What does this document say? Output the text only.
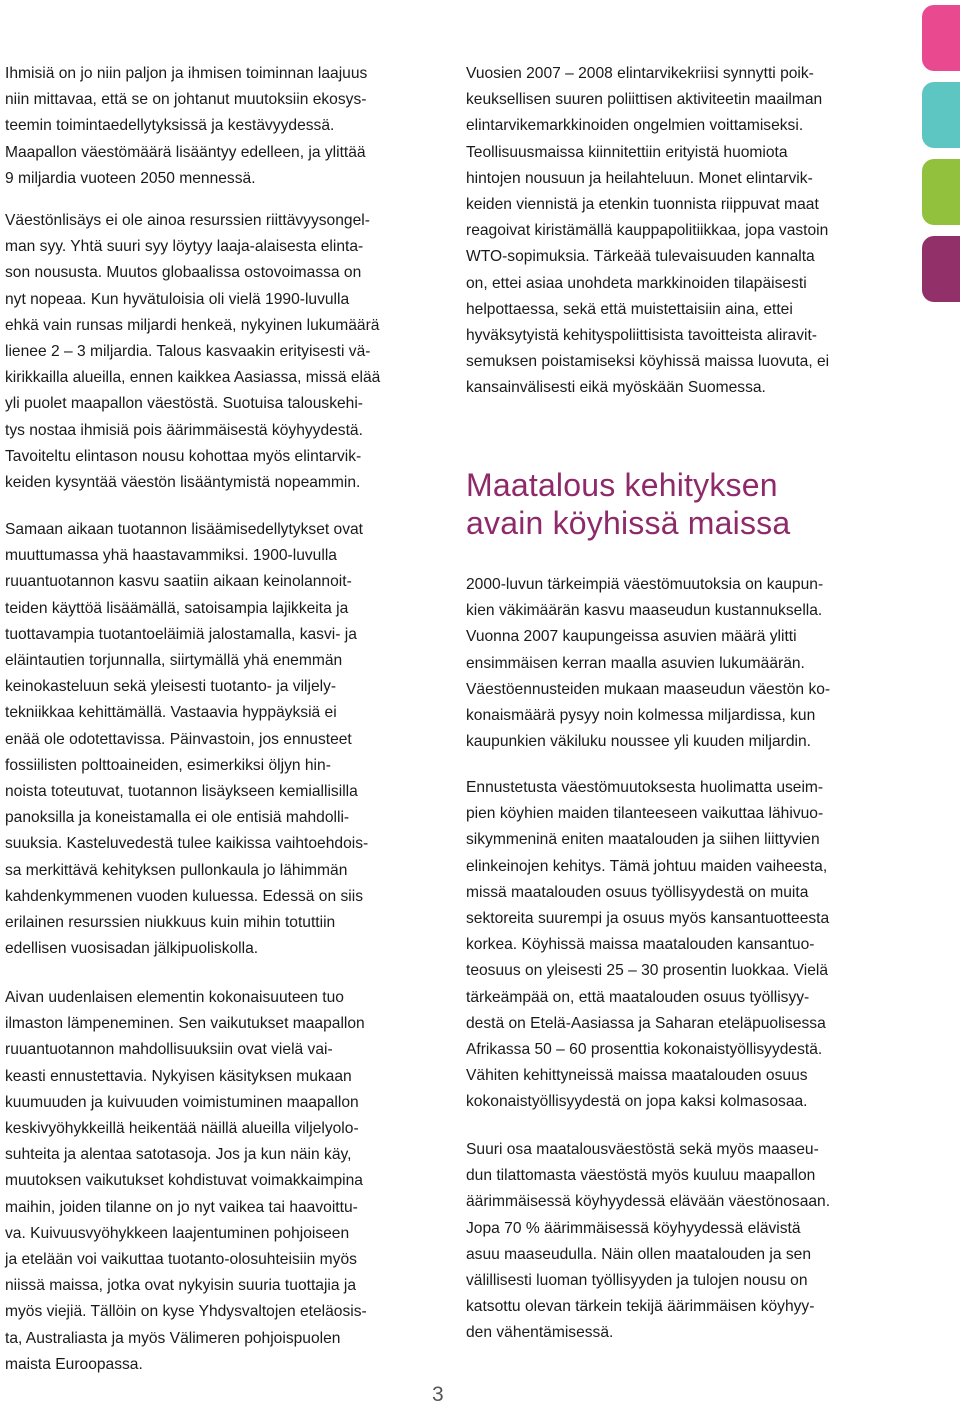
Ihmisiä on jo niin paljon ja ihmisen toiminnan laajuus
niin mittavaa, että se on johtanut muutoksiin ekosys-
teemin toimintaedellytyksissä ja kestävyydessä.
Maapallon väestömäärä lisääntyy edelleen, ja ylittää
9 miljardia vuoteen 2050 mennessä.

Väestönlisäys ei ole ainoa resurssien riittävyysongel-
man syy. Yhtä suuri syy löytyy laaja-alaisesta elinta-
son noususta. Muutos globaalissa ostovoimassa on
nyt nopeaa. Kun hyvätuloisia oli vielä 1990-luvulla
ehkä vain runsas miljardi henkeä, nykyinen lukumäärä
lienee 2 – 3 miljardia. Talous kasvaakin erityisesti vä-
kirikkailla alueilla, ennen kaikkea Aasiassa, missä elää
yli puolet maapallon väestöstä. Suotuisa talouskehi-
tys nostaa ihmisiä pois äärimmäisestä köyhyydestä.
Tavoiteltu elintason nousu kohottaa myös elintarvik-
keiden kysyntää väestön lisääntymistä nopeammin.

Samaan aikaan tuotannon lisäämisedellytykset ovat
muuttumassa yhä haastavammiksi. 1900-luvulla
ruuantuotannon kasvu saatiin aikaan keinolannoit-
teiden käyttöä lisäämällä, satoisampia lajikkeita ja
tuottavampia tuotantoeläimiä jalostamalla, kasvi- ja
eläintautien torjunnalla, siirtymällä yhä enemmän
keinokasteluun sekä yleisesti tuotanto- ja viljely-
tekniikkaa kehittämällä. Vastaavia hyppäyksiä ei
enää ole odotettavissa. Päinvastoin, jos ennusteet
fossiilisten polttoaineiden, esimerkiksi öljyn hin-
noista toteutuvat, tuotannon lisäykseen kemiallisilla
panoksilla ja koneistamalla ei ole entisiä mahdolli-
suuksia. Kasteluvedestä tulee kaikissa vaihtoehdois-
sa merkittävä kehityksen pullonkaula jo lähimmän
kahdenkymmenen vuoden kuluessa. Edessä on siis
erilainen resurssien niukkuus kuin mihin totuttiin
edellisen vuosisadan jälkipuoliskolla.

Aivan uudenlaisen elementin kokonaisuuteen tuo
ilmaston lämpeneminen. Sen vaikutukset maapallon
ruuantuotannon mahdollisuuksiin ovat vielä vai-
keasti ennustettavia. Nykyisen käsityksen mukaan
kuumuuden ja kuivuuden voimistuminen maapallon
keskivyöhykkeillä heikentää näillä alueilla viljelyolo-
suhteita ja alentaa satotasoja. Jos ja kun näin käy,
muutoksen vaikutukset kohdistuvat voimakkaimpina
maihin, joiden tilanne on jo nyt vaikea tai haavoittu-
va. Kuivuusvyöhykkeen laajentuminen pohjoiseen
ja etelään voi vaikuttaa tuotanto-olosuhteisiin myös
niissä maissa, jotka ovat nykyisin suuria tuottajia ja
myös viejiä. Tällöin on kyse Yhdysvaltojen eteläosis-
ta, Australiasta ja myös Välimeren pohjoispuolen
maista Euroopassa.

Vuosien 2007 – 2008 elintarvikekriisi synnytti poik-
keuksellisen suuren poliittisen aktiviteetin maailman
elintarvikemarkkinoiden ongelmien voittamiseksi.
Teollisuusmaissa kiinnitettiin erityistä huomiota
hintojen nousuun ja heilahteluun. Monet elintarvik-
keiden viennistä ja etenkin tuonnista riippuvat maat
reagoivat kiristämällä kauppapolitiikkaa, jopa vastoin
WTO-sopimuksia. Tärkeää tulevaisuuden kannalta
on, ettei asiaa unohdeta markkinoiden tilapäisesti
helpottaessa, sekä että muistettaisiin aina, ettei
hyväksytyistä kehityspoliittisista tavoitteista aliravit-
semuksen poistamiseksi köyhissä maissa luovuta, ei
kansainvälisesti eikä myöskään Suomessa.

Maatalous kehityksen
avain köyhissä maissa

2000-luvun tärkeimpiä väestömuutoksia on kaupun-
kien väkimäärän kasvu maaseudun kustannuksella.
Vuonna 2007 kaupungeissa asuvien määrä ylitti
ensimmäisen kerran maalla asuvien lukumäärän.
Väestöennusteiden mukaan maaseudun väestön ko-
konaismäärä pysyy noin kolmessa miljardissa, kun
kaupunkien väkiluku noussee yli kuuden miljardin.

Ennustetusta väestömuutoksesta huolimatta useim-
pien köyhien maiden tilanteeseen vaikuttaa lähivuo-
sikymmeninä eniten maatalouden ja siihen liittyvien
elinkeinojen kehitys. Tämä johtuu maiden vaiheesta,
missä maatalouden osuus työllisyydestä on muita
sektoreita suurempi ja osuus myös kansantuotteesta
korkea. Köyhissä maissa maatalouden kansantuo-
teosuus on yleisesti 25 – 30 prosentin luokkaa. Vielä
tärkeämpää on, että maatalouden osuus työllisyy-
destä on Etelä-Aasiassa ja Saharan eteläpuolisessa
Afrikassa 50 – 60 prosenttia kokonaistyöllisyydestä.
Vähiten kehittyneissä maissa maatalouden osuus
kokonaistyöllisyydestä on jopa kaksi kolmasosaa.

Suuri osa maatalousväestöstä sekä myös maaseu-
dun tilattomasta väestöstä myös kuuluu maapallon
äärimmäisessä köyhyydessä elävään väestönosaan.
Jopa 70 % äärimmäisessä köyhyydessä elävistä
asuu maaseudulla. Näin ollen maatalouden ja sen
välillisesti luoman työllisyyden ja tulojen nousu on
katsottu olevan tärkein tekijä äärimmäisen köyhyy-
den vähentämisessä.

3
